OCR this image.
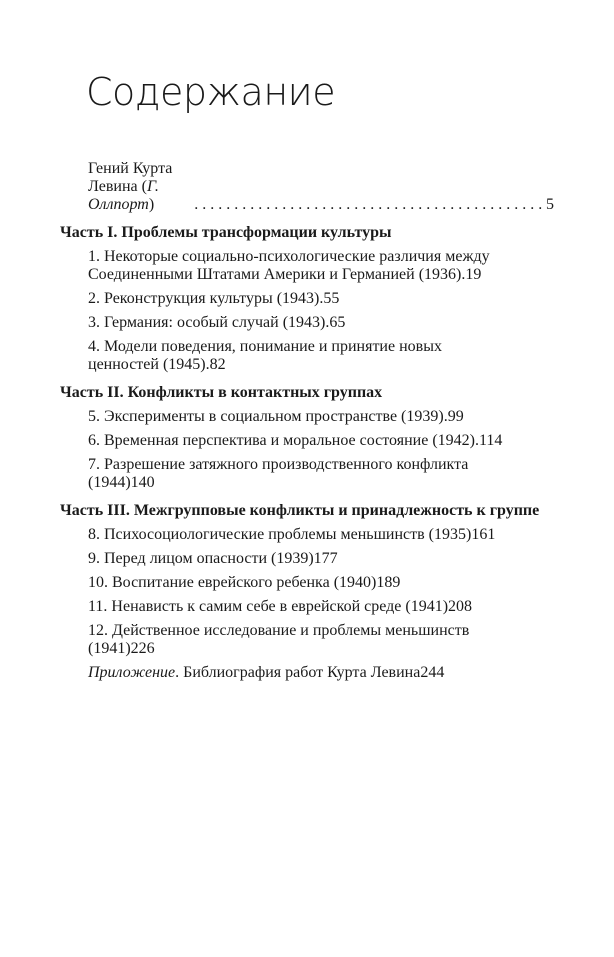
Содержание
Гений Курта Левина (Г. Оллпорт)
. . .	5
Часть I. Проблемы трансформации культуры
1. Некоторые социально-психологические различия между
Соединенными Штатами Америки и Германией (1936) .19
2. Реконструкция культуры (1943) .55
3. Германия: особый случай (1943) .65
4. Модели поведения, понимание и принятие новых
ценностей (1945) .82
Часть II. Конфликты в контактных группах
5. Эксперименты в социальном пространстве (1939) .99
6. Временная перспектива и моральное состояние (1942) .114
7. Разрешение затяжного производственного конфликта
(1944) 140
Часть III. Межгрупповые конфликты и принадлежность к группе
8. Психосоциологические проблемы меньшинств (1935) 161
9. Перед лицом опасности (1939) 177
10. Воспитание еврейского ребенка (1940) 189
11. Ненависть к самим себе в еврейской среде (1941) 208
12. Действенное исследование и проблемы меньшинств
(1941) 226
Приложение. Библиография работ Курта Левина 244
